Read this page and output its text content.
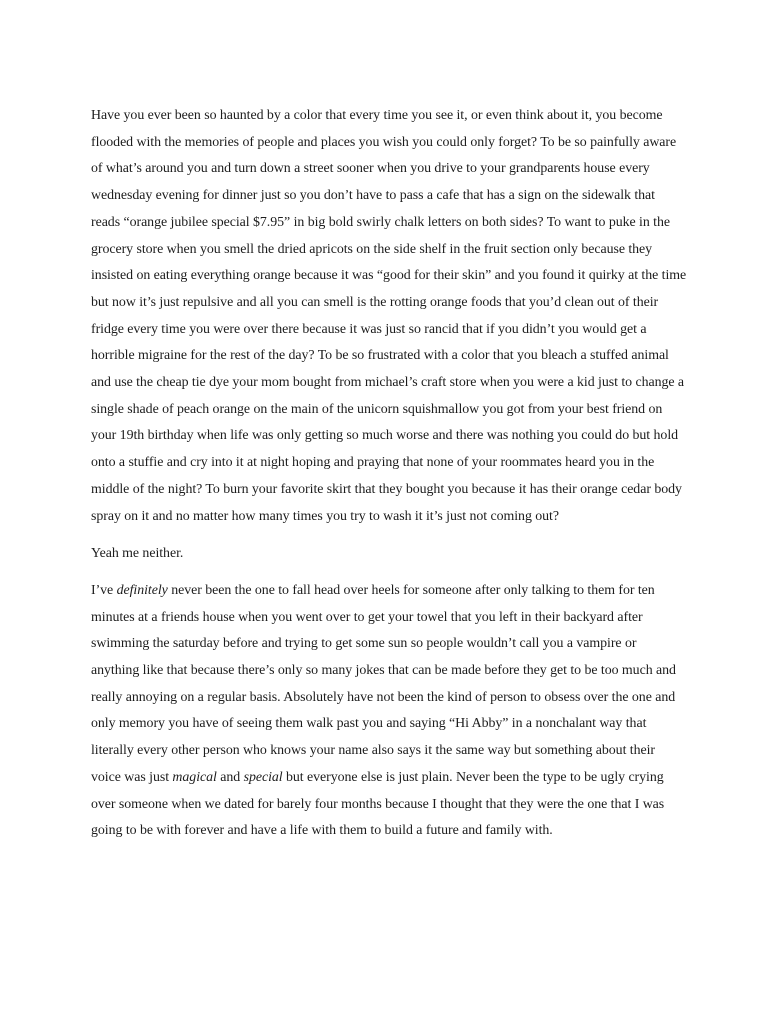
Have you ever been so haunted by a color that every time you see it, or even think about it, you become flooded with the memories of people and places you wish you could only forget? To be so painfully aware of what’s around you and turn down a street sooner when you drive to your grandparents house every wednesday evening for dinner just so you don’t have to pass a cafe that has a sign on the sidewalk that reads “orange jubilee special $7.95” in big bold swirly chalk letters on both sides? To want to puke in the grocery store when you smell the dried apricots on the side shelf in the fruit section only because they insisted on eating everything orange because it was “good for their skin” and you found it quirky at the time but now it’s just repulsive and all you can smell is the rotting orange foods that you’d clean out of their fridge every time you were over there because it was just so rancid that if you didn’t you would get a horrible migraine for the rest of the day? To be so frustrated with a color that you bleach a stuffed animal and use the cheap tie dye your mom bought from michael’s craft store when you were a kid just to change a single shade of peach orange on the main of the unicorn squishmallow you got from your best friend on your 19th birthday when life was only getting so much worse and there was nothing you could do but hold onto a stuffie and cry into it at night hoping and praying that none of your roommates heard you in the middle of the night? To burn your favorite skirt that they bought you because it has their orange cedar body spray on it and no matter how many times you try to wash it it’s just not coming out?

Yeah me neither.

I’ve definitely never been the one to fall head over heels for someone after only talking to them for ten minutes at a friends house when you went over to get your towel that you left in their backyard after swimming the saturday before and trying to get some sun so people wouldn’t call you a vampire or anything like that because there’s only so many jokes that can be made before they get to be too much and really annoying on a regular basis. Absolutely have not been the kind of person to obsess over the one and only memory you have of seeing them walk past you and saying “Hi Abby” in a nonchalant way that literally every other person who knows your name also says it the same way but something about their voice was just magical and special but everyone else is just plain. Never been the type to be ugly crying over someone when we dated for barely four months because I thought that they were the one that I was going to be with forever and have a life with them to build a future and family with.
